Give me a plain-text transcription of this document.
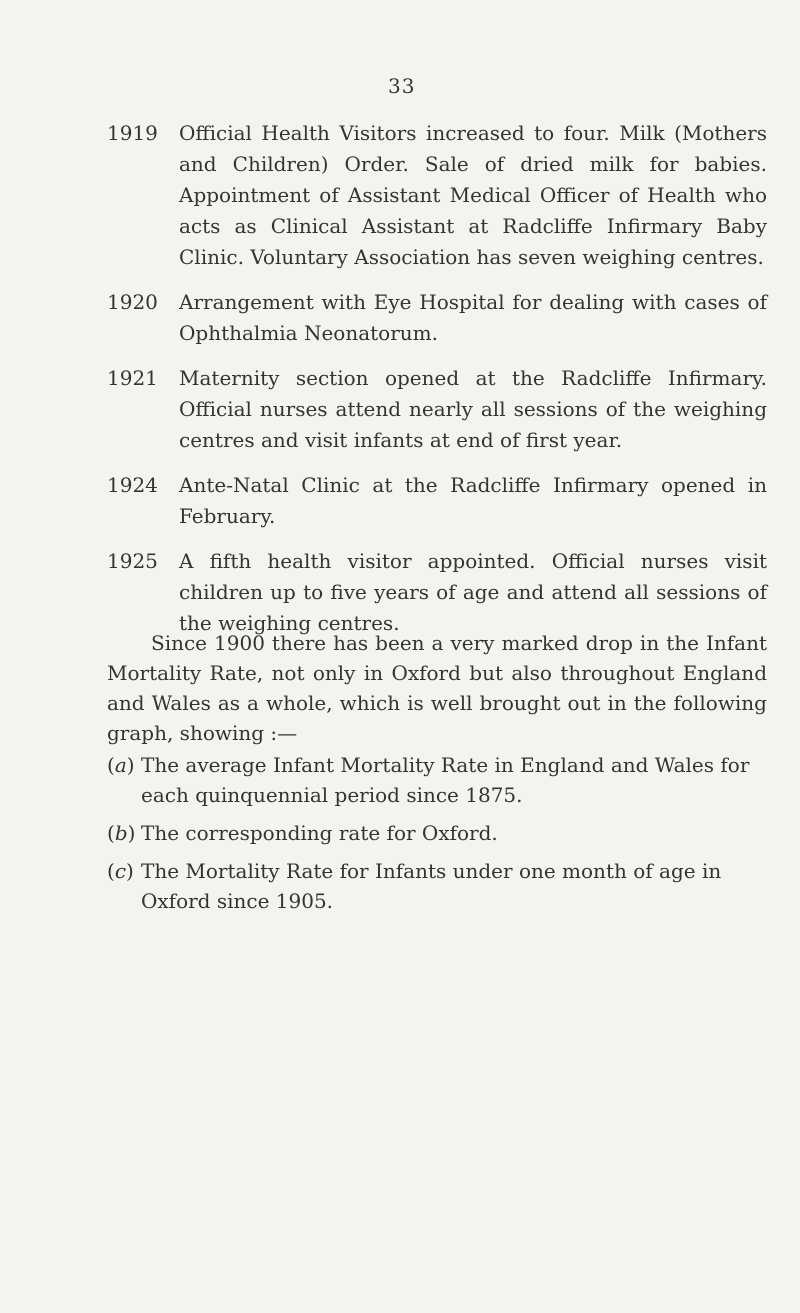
33
1919	Official Health Visitors increased to four. Milk (Mothers and Children) Order. Sale of dried milk for babies. Appointment of Assistant Medical Officer of Health who acts as Clinical Assistant at Radcliffe Infirmary Baby Clinic. Voluntary Association has seven weighing centres.
1920	Arrangement with Eye Hospital for dealing with cases of Ophthalmia Neonatorum.
1921	Maternity section opened at the Radcliffe Infirmary. Official nurses attend nearly all sessions of the weighing centres and visit infants at end of first year.
1924	Ante-Natal Clinic at the Radcliffe Infirmary opened in February.
1925	A fifth health visitor appointed. Official nurses visit children up to five years of age and attend all sessions of the weighing centres.

Since 1900 there has been a very marked drop in the Infant Mortality Rate, not only in Oxford but also throughout England and Wales as a whole, which is well brought out in the following graph, showing :—

(a) The average Infant Mortality Rate in England and Wales for each quinquennial period since 1875.
(b) The corresponding rate for Oxford.
(c) The Mortality Rate for Infants under one month of age in Oxford since 1905.
